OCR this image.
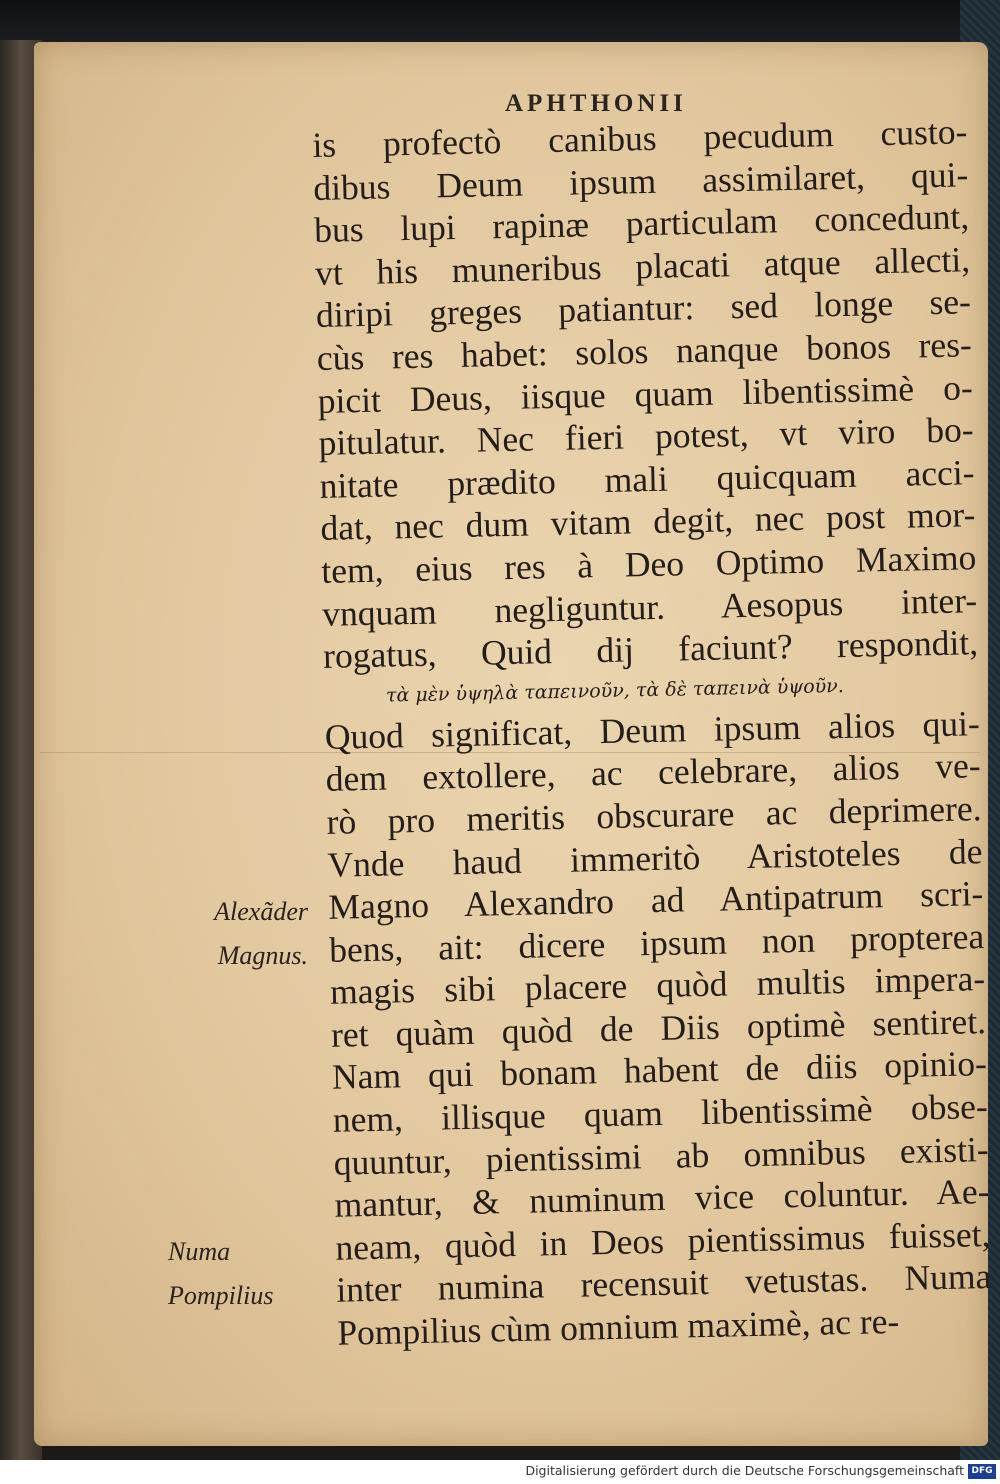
APHTHONII
is profectò canibus pecudum custo-
dibus Deum ipsum assimilaret, qui-
bus lupi rapinæ particulam concedunt,
vt his muneribus placati atque allecti,
diripi greges patiantur: sed longe se-
cùs res habet: solos nanque bonos res-
picit Deus, iisque quam libentissimè o-
pitulatur. Nec fieri potest, vt viro bo-
nitate prædito mali quicquam acci-
dat, nec dum vitam degit, nec post mor-
tem, eius res à Deo Optimo Maximo
vnquam negliguntur. Aesopus inter-
rogatus, Quid dij faciunt? respondit,
τὰ μὲν ὑψηλὰ ταπεινοῦν, τὰ δὲ ταπεινὰ ὑψοῦν.
Quod significat, Deum ipsum alios qui-
dem extollere, ac celebrare, alios ve-
rò pro meritis obscurare ac deprimere.
Vnde haud immeritò Aristoteles de
Magno Alexandro ad Antipatrum scri-
bens, ait: dicere ipsum non propterea
magis sibi placere quòd multis impera-
ret quàm quòd de Diis optimè sentiret.
Nam qui bonam habent de diis opinio-
nem, illisque quam libentissimè obse-
quuntur, pientissimi ab omnibus existi-
mantur, & numinum vice coluntur. Ae-
neam, quòd in Deos pientissimus fuisset,
inter numina recensuit vetustas. Numa
Pompilius cùm omnium maximè, ac re-
Alexãder
Magnus.
Numa
Pompilius
Digitalisierung gefördert durch die Deutsche Forschungsgemeinschaft DFG
